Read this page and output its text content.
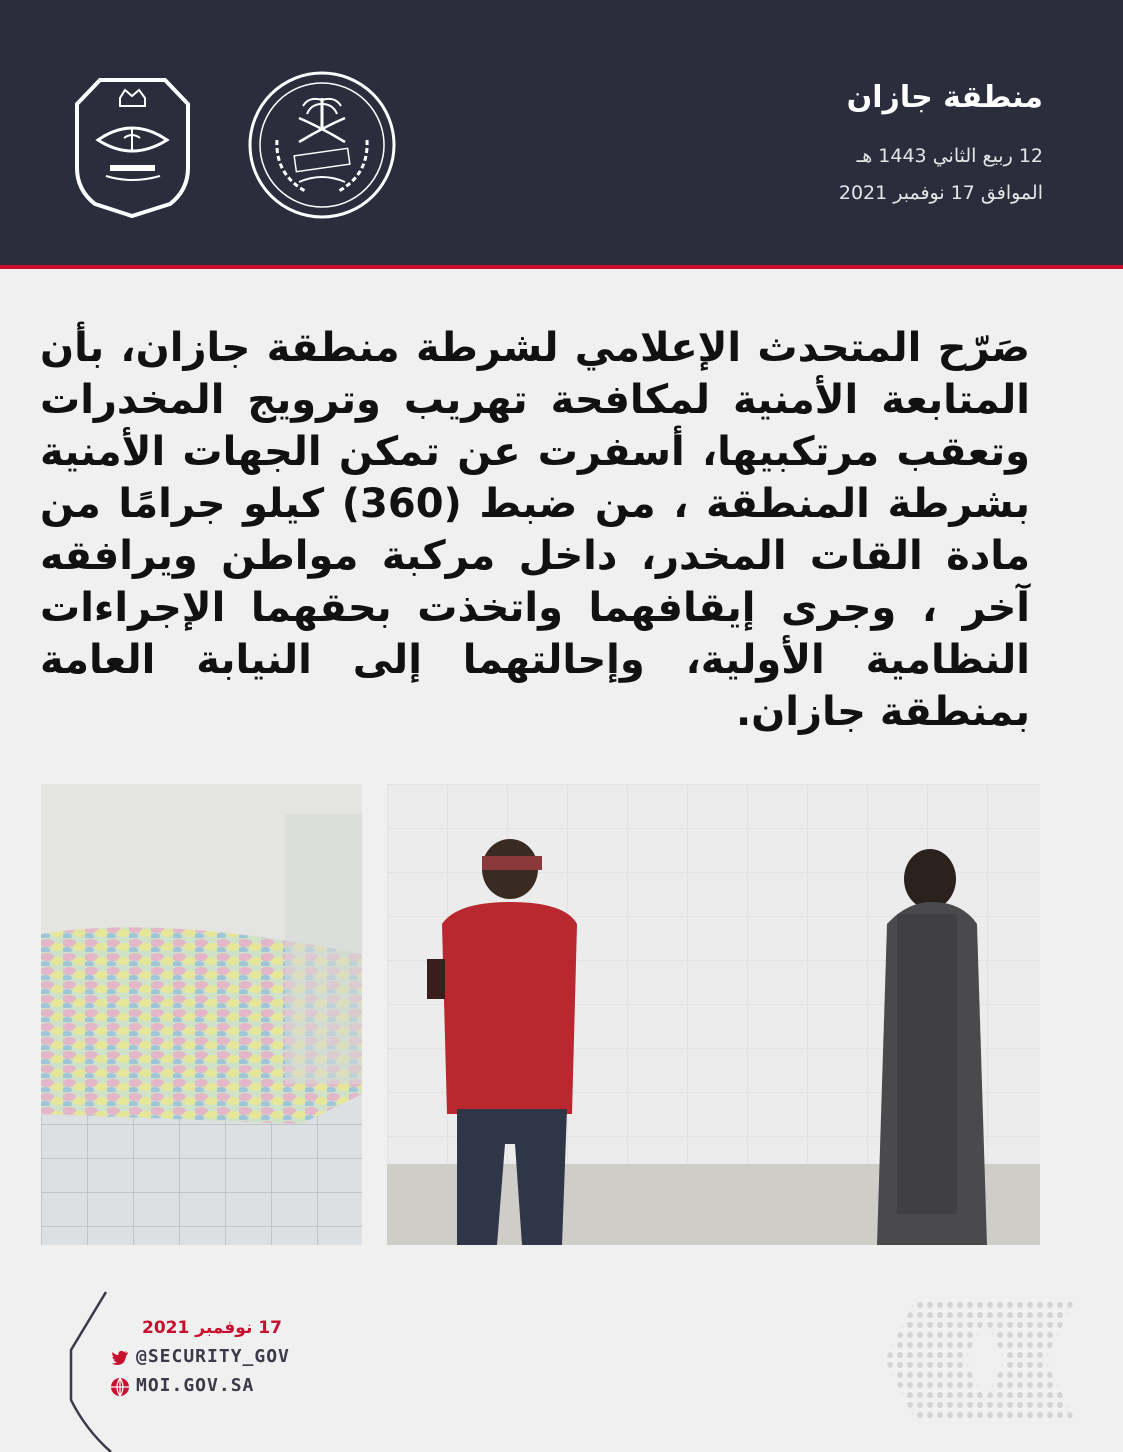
منطقة جازان
12 ربيع الثاني 1443 هـ
الموافق 17 نوفمبر 2021
صَرّح المتحدث الإعلامي لشرطة منطقة جازان، بأن المتابعة الأمنية لمكافحة تهريب وترويج المخدرات وتعقب مرتكبيها، أسفرت عن تمكن الجهات الأمنية بشرطة المنطقة ، من ضبط (360) كيلو جرامًا من مادة القات المخدر، داخل مركبة مواطن ويرافقه آخر ، وجرى إيقافهما واتخذت بحقهما الإجراءات النظامية الأولية، وإحالتهما إلى النيابة العامة بمنطقة جازان.
17 نوفمبر 2021
@SECURITY_GOV
MOI.GOV.SA
